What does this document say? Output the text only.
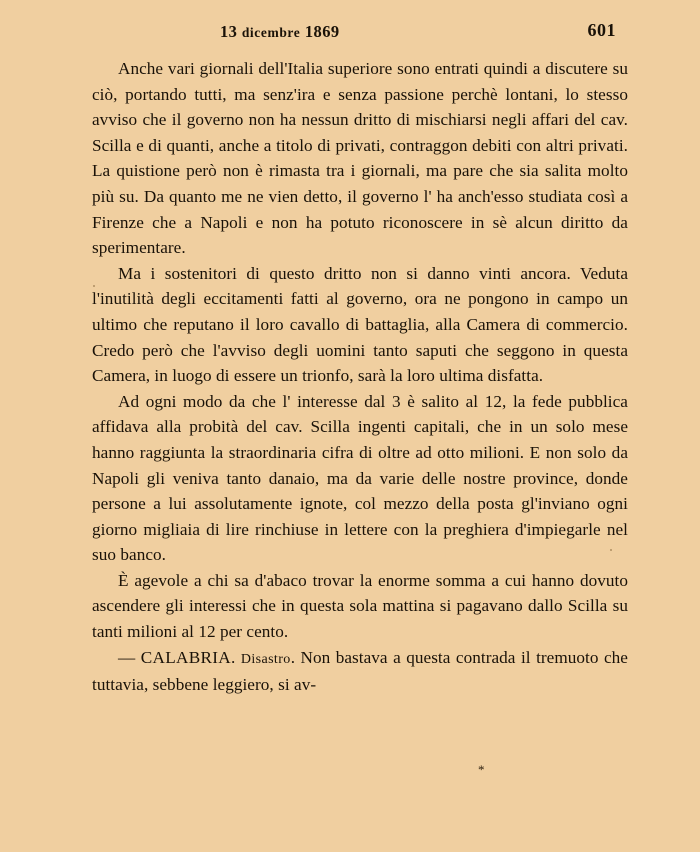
13 dicembre 1869	601

Anche vari giornali dell'Italia superiore sono entrati quindi a discutere su ciò, portando tutti, ma senz'ira e senza passione perchè lontani, lo stesso avviso che il governo non ha nessun dritto di mischiarsi negli affari del cav. Scilla e di quanti, anche a titolo di privati, contraggon debiti con altri privati. La quistione però non è rimasta tra i giornali, ma pare che sia salita molto più su. Da quanto me ne vien detto, il governo l' ha anch'esso studiata così a Firenze che a Napoli e non ha potuto riconoscere in sè alcun diritto da sperimentare.

Ma i sostenitori di questo dritto non si danno vinti ancora. Veduta l'inutilità degli eccitamenti fatti al governo, ora ne pongono in campo un ultimo che reputano il loro cavallo di battaglia, alla Camera di commercio. Credo però che l'avviso degli uomini tanto saputi che seggono in questa Camera, in luogo di essere un trionfo, sarà la loro ultima disfatta.

Ad ogni modo da che l' interesse dal 3 è salito al 12, la fede pubblica affidava alla probità del cav. Scilla ingenti capitali, che in un solo mese hanno raggiunta la straordinaria cifra di oltre ad otto milioni. E non solo da Napoli gli veniva tanto danaio, ma da varie delle nostre province, donde persone a lui assolutamente ignote, col mezzo della posta gl'inviano ogni giorno migliaia di lire rinchiuse in lettere con la preghiera d'impiegarle nel suo banco.

È agevole a chi sa d'abaco trovar la enorme somma a cui hanno dovuto ascendere gli interessi che in questa sola mattina si pagavano dallo Scilla su tanti milioni al 12 per cento.

— CALABRIA. Disastro. Non bastava a questa contrada il tremuoto che tuttavia, sebbene leggiero, si av-

*
